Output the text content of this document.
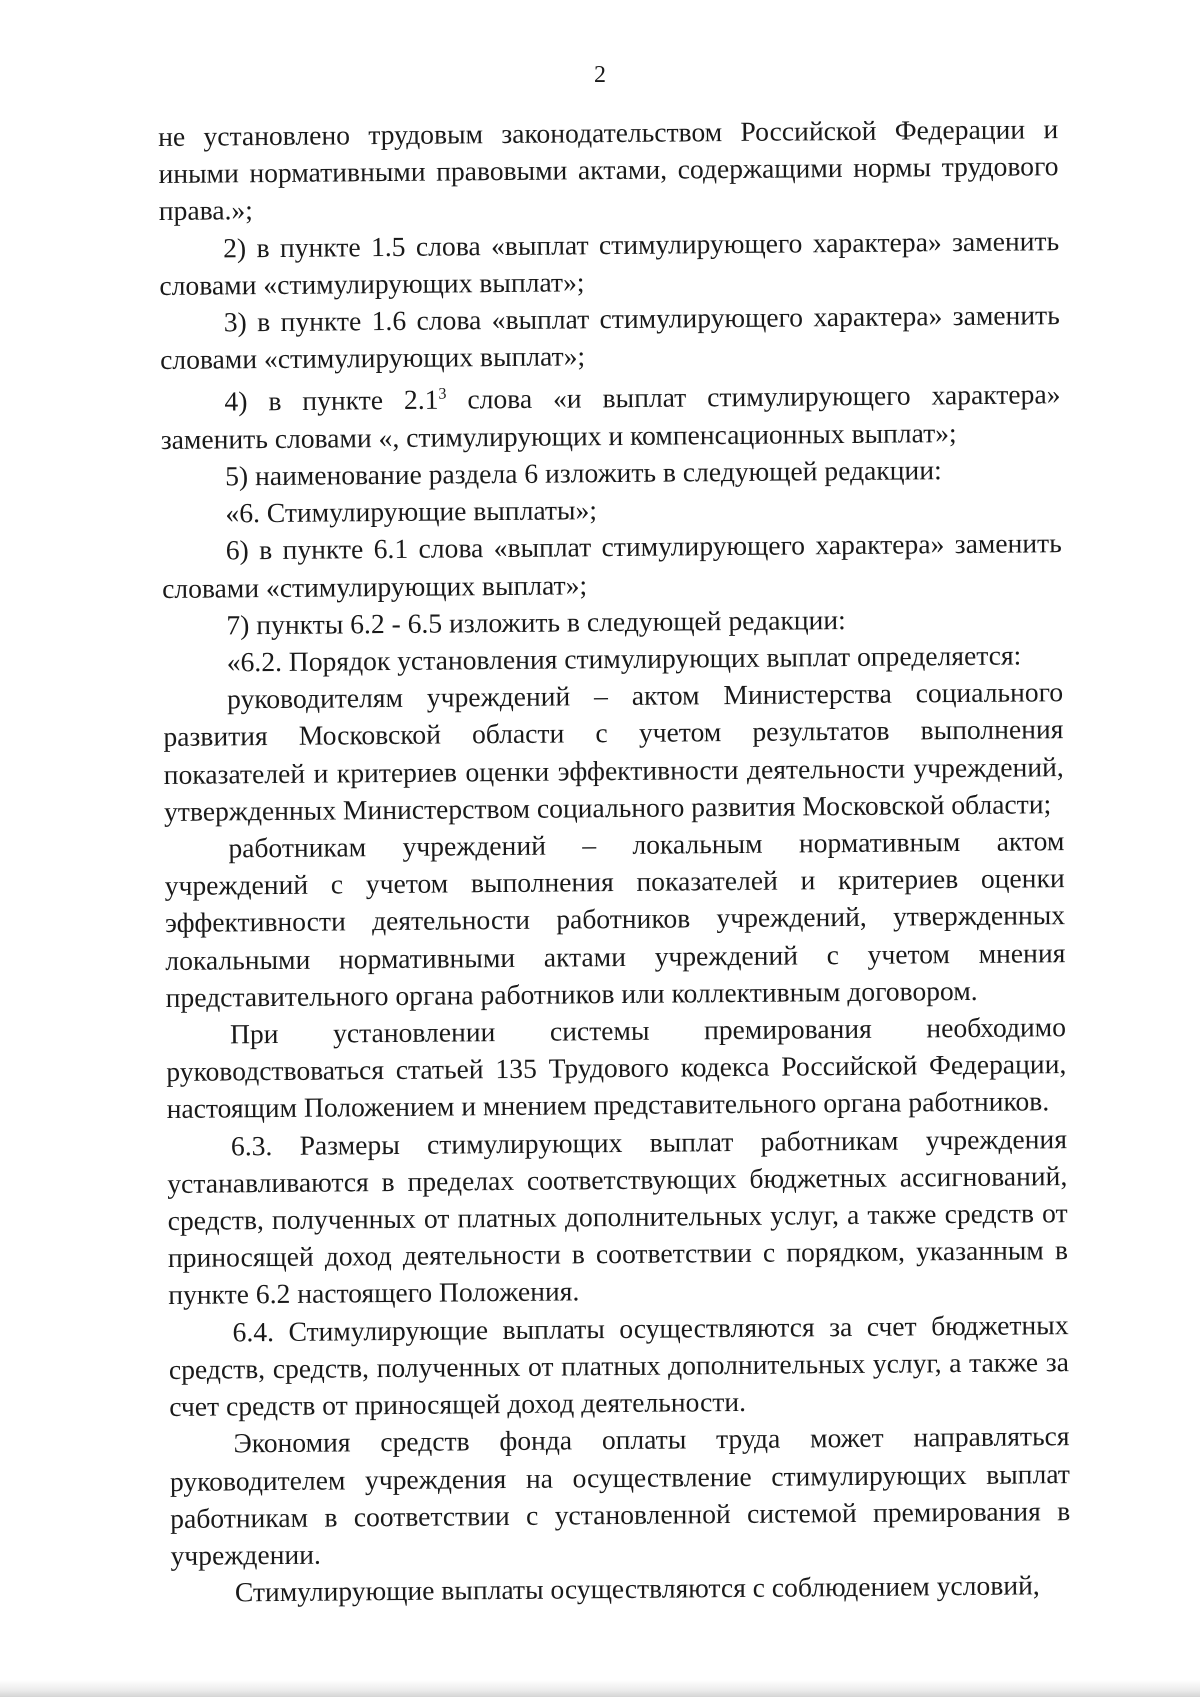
2

не установлено трудовым законодательством Российской Федерации и иными нормативными правовыми актами, содержащими нормы трудового права.»;

2) в пункте 1.5 слова «выплат стимулирующего характера» заменить словами «стимулирующих выплат»;

3) в пункте 1.6 слова «выплат стимулирующего характера» заменить словами «стимулирующих выплат»;

4) в пункте $2.1^3$ слова «и выплат стимулирующего характера» заменить словами «, стимулирующих и компенсационных выплат»;

5) наименование раздела 6 изложить в следующей редакции:

«6. Стимулирующие выплаты»;

6) в пункте 6.1 слова «выплат стимулирующего характера» заменить словами «стимулирующих выплат»;

7) пункты 6.2 - 6.5 изложить в следующей редакции:

«6.2. Порядок установления стимулирующих выплат определяется:

руководителям учреждений – актом Министерства социального развития Московской области с учетом результатов выполнения показателей и критериев оценки эффективности деятельности учреждений, утвержденных Министерством социального развития Московской области;

работникам учреждений – локальным нормативным актом учреждений с учетом выполнения показателей и критериев оценки эффективности деятельности работников учреждений, утвержденных локальными нормативными актами учреждений с учетом мнения представительного органа работников или коллективным договором.

При установлении системы премирования необходимо руководствоваться статьей 135 Трудового кодекса Российской Федерации, настоящим Положением и мнением представительного органа работников.

6.3. Размеры стимулирующих выплат работникам учреждения устанавливаются в пределах соответствующих бюджетных ассигнований, средств, полученных от платных дополнительных услуг, а также средств от приносящей доход деятельности в соответствии с порядком, указанным в пункте 6.2 настоящего Положения.

6.4. Стимулирующие выплаты осуществляются за счет бюджетных средств, средств, полученных от платных дополнительных услуг, а также за счет средств от приносящей доход деятельности.

Экономия средств фонда оплаты труда может направляться руководителем учреждения на осуществление стимулирующих выплат работникам в соответствии с установленной системой премирования в учреждении.

Стимулирующие выплаты осуществляются с соблюдением условий,
